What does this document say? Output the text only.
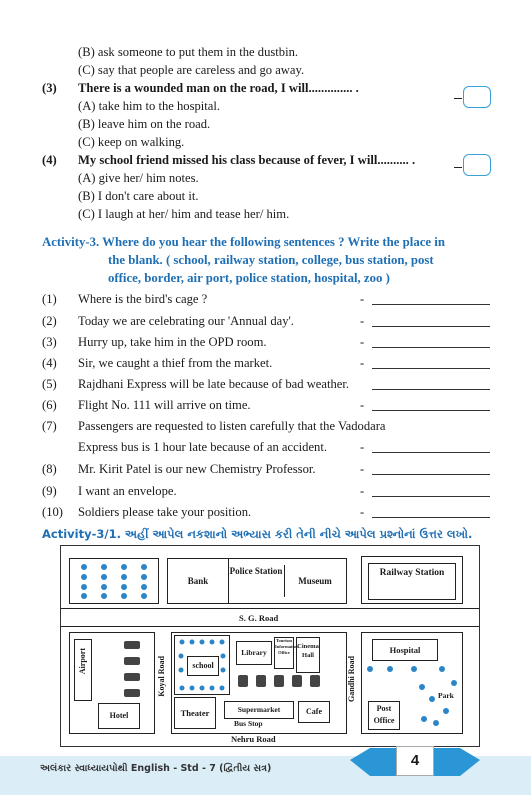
(B) ask someone to put them in the dustbin.
(C) say that people are careless and go away.
(3) There is a wounded man on the road, I will.............. .
(A) take him to the hospital.
(B) leave him on the road.
(C) keep on walking.
(4) My school friend missed his class because of fever, I will.......... .
(A) give her/ him notes.
(B) I don't care about it.
(C) I laugh at her/ him and tease her/ him.
Activity-3. Where do you hear the following sentences ? Write the place in
the blank. ( school, railway station, college, bus station, post
office, border, air port, police station, hospital, zoo )
(1) Where is the bird's cage ?	-
(2) Today we are celebrating our 'Annual day'.	-
(3) Hurry up, take him in the OPD room.	-
(4) Sir, we caught a thief from the market.	-
(5) Rajdhani Express will be late because of bad weather.
(6) Flight No. 111 will arrive on time.	-
(7) Passengers are requested to listen carefully that the Vadodara
Express bus is 1 hour late because of an accident.	-
(8) Mr. Kirit Patel is our new Chemistry Professor.	-
(9) I want an envelope.	-
(10) Soldiers please take your position.	-
Activity-3/1. અહીં આપેલ નકશાનો અભ્યાસ કરી તેની નીચે આપેલ પ્રશ્નોનાં ઉત્તર લખો.
Bank
Police Station
Museum
Railway Station
S. G. Road
Airport
Hotel
Koyal Road	school
Library
Tourism Information Office
Cinema Hall
Theater	Supermarket
Bus Stop
Cafe
Gandhi Road
Hospital
Park
Post Office
Nehru Road
અલંકાર સ્વાધ્યાયપોથી English - Std - 7 (દ્વિતીય સત્ર)	4
